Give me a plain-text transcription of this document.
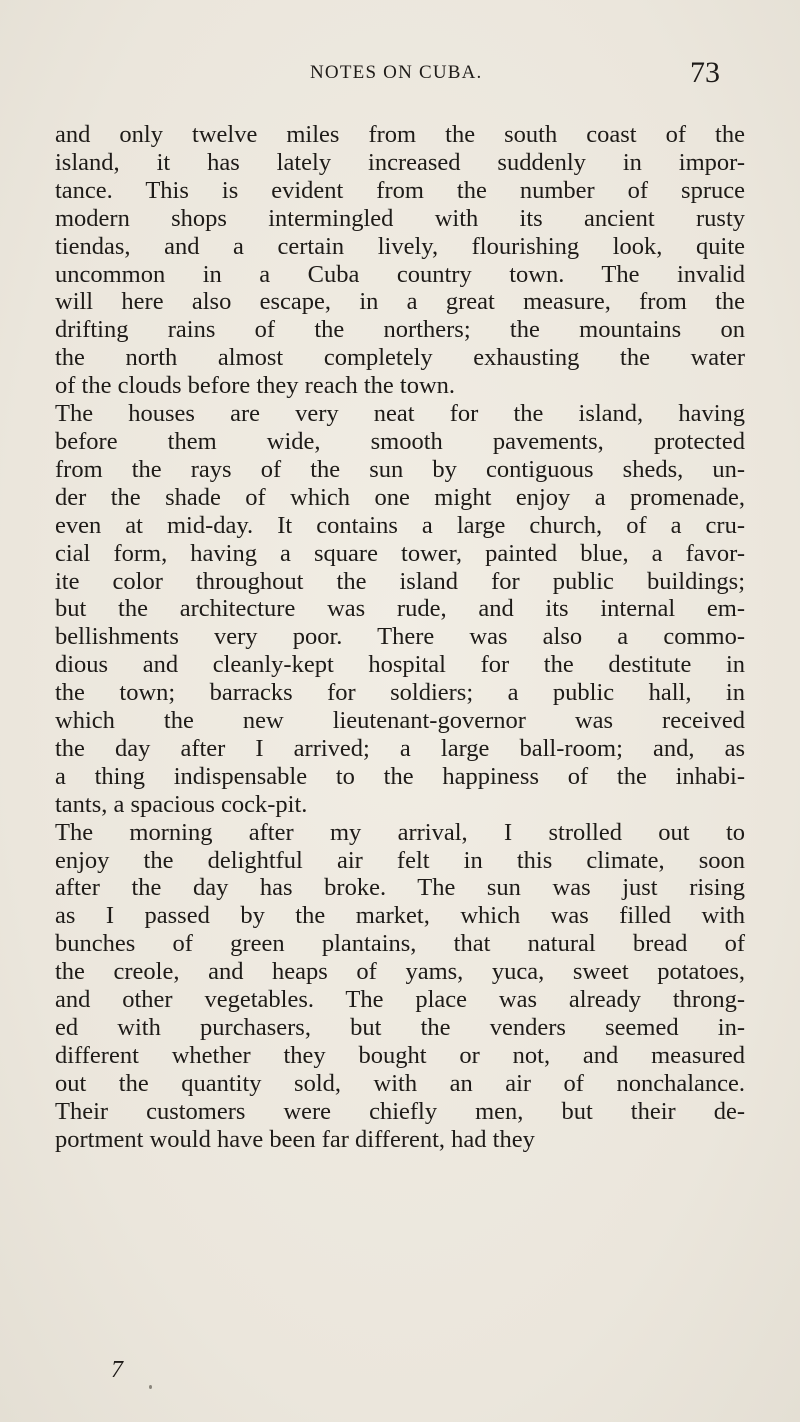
NOTES ON CUBA.	73
and only twelve miles from the south coast of the
island, it has lately increased suddenly in impor-
tance. This is evident from the number of spruce
modern shops intermingled with its ancient rusty
tiendas, and a certain lively, flourishing look, quite
uncommon in a Cuba country town. The invalid
will here also escape, in a great measure, from the
drifting rains of the northers; the mountains on
the north almost completely exhausting the water
of the clouds before they reach the town.
The houses are very neat for the island, having
before them wide, smooth pavements, protected
from the rays of the sun by contiguous sheds, un-
der the shade of which one might enjoy a promenade,
even at mid-day. It contains a large church, of a cru-
cial form, having a square tower, painted blue, a favor-
ite color throughout the island for public buildings;
but the architecture was rude, and its internal em-
bellishments very poor. There was also a commo-
dious and cleanly-kept hospital for the destitute in
the town; barracks for soldiers; a public hall, in
which the new lieutenant-governor was received
the day after I arrived; a large ball-room; and, as
a thing indispensable to the happiness of the inhabi-
tants, a spacious cock-pit.
The morning after my arrival, I strolled out to
enjoy the delightful air felt in this climate, soon
after the day has broke. The sun was just rising
as I passed by the market, which was filled with
bunches of green plantains, that natural bread of
the creole, and heaps of yams, yuca, sweet potatoes,
and other vegetables. The place was already throng-
ed with purchasers, but the venders seemed in-
different whether they bought or not, and measured
out the quantity sold, with an air of nonchalance.
Their customers were chiefly men, but their de-
portment would have been far different, had they
7
